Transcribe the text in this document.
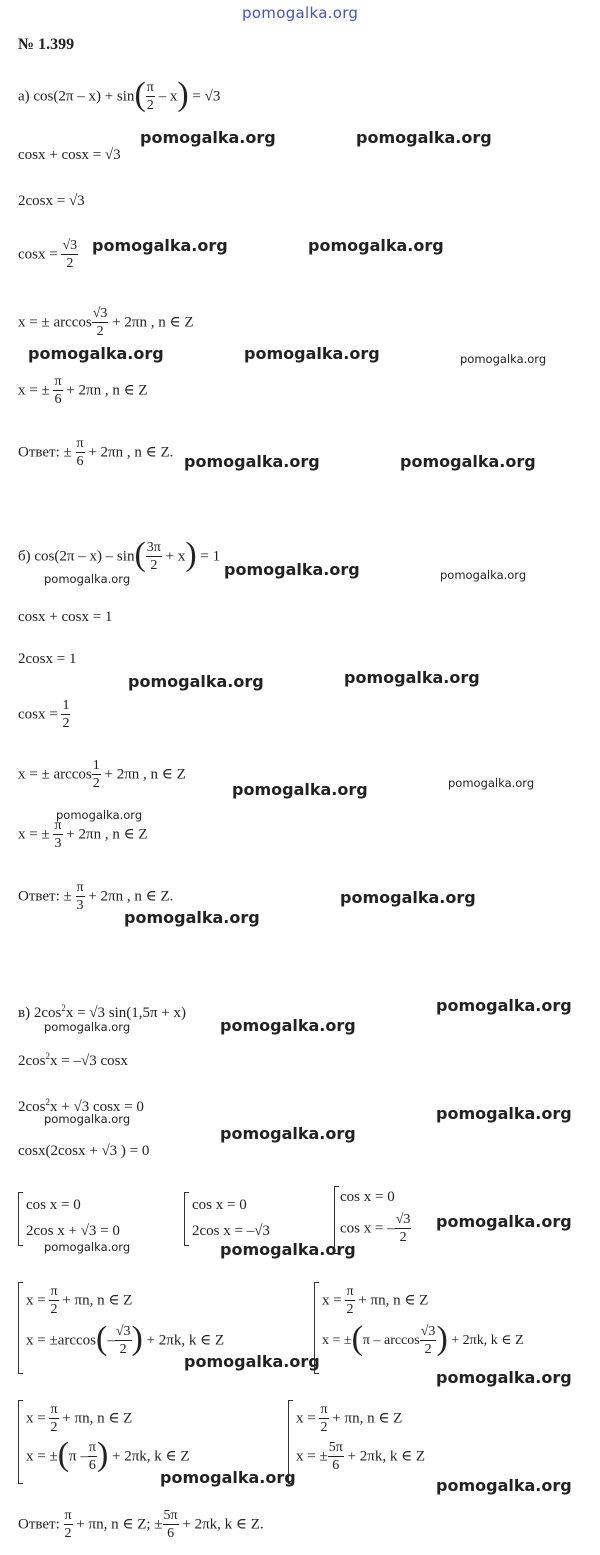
pomogalka.org
№ 1.399
а) $\cos(2\pi - x) + \sin( \frac{\pi}{2} - x) = √3$
cosx + cosx = √3
2cosx = √3
$\cos x = \frac{√3}{2}$
x = ± $\arccos \frac{√3}{2} + 2\pi n$ , n ∈ Z
x = ± $\frac{\pi}{6} + 2\pi n$ , n ∈ Z
Ответ: ± $\frac{\pi}{6} + 2\pi n$ , n ∈ Z.
б) $\cos(2\pi - x) - \sin( \frac{3\pi}{2} + x) = 1$
cosx + cosx = 1
2cosx = 1
$\cos x = \frac{1}{2}$
x = ± $\arccos \frac{1}{2} + 2\pi n$ , n ∈ Z
x = ± $\frac{\pi}{3} + 2\pi n$ , n ∈ Z
Ответ: ± $\frac{\pi}{3} + 2\pi n$ , n ∈ Z.
в) $2\cos^2x = √3$ sin(1,5π + x)
$2\cos^2x = -√3$ cosx
$2\cos^2x + √3$ cosx = 0
cosx(2cosx + √3 ) = 0
cos x = 0
2cos x + √3 = 0
cos x = 0
2cos x = –√3
cos x = 0
cos x = – $\frac{√3}{2}$
$x = \frac{\pi}{2} + \pi n$, n ∈ Z
$x = \pm\arccos(- \frac{√3}{2}$ ) + 2πk, k ∈ Z
$x = \frac{\pi}{2} + \pi n$, n ∈ Z
$x = \pm(\pi - \arccos \frac{√3}{2}$ ) + 2πk, k ∈ Z
$x = \frac{\pi}{2} + \pi n$, n ∈ Z
$x = \pm(\pi - \frac{\pi}{6}$ ) + 2πk, k ∈ Z
$x = \frac{\pi}{2} + \pi n$, n ∈ Z
x = ± $\frac{5\pi}{6} + 2\pi k$, k ∈ Z
Ответ: $\frac{\pi}{2} + \pi n$, n ∈ Z; ± $\frac{5\pi}{6} + 2\pi k$, k ∈ Z.
pomogalka.org	pomogalka.org
pomogalka.org	pomogalka.org
pomogalka.org	pomogalka.org	pomogalka.org
pomogalka.org	pomogalka.org
pomogalka.org	pomogalka.org	pomogalka.org
pomogalka.org	pomogalka.org
pomogalka.org	pomogalka.org
pomogalka.org
pomogalka.org
pomogalka.org
pomogalka.org
pomogalka.org	pomogalka.org
pomogalka.org
pomogalka.org
pomogalka.org
pomogalka.org
pomogalka.org	pomogalka.org
pomogalka.org
pomogalka.org
pomogalka.org	pomogalka.org
